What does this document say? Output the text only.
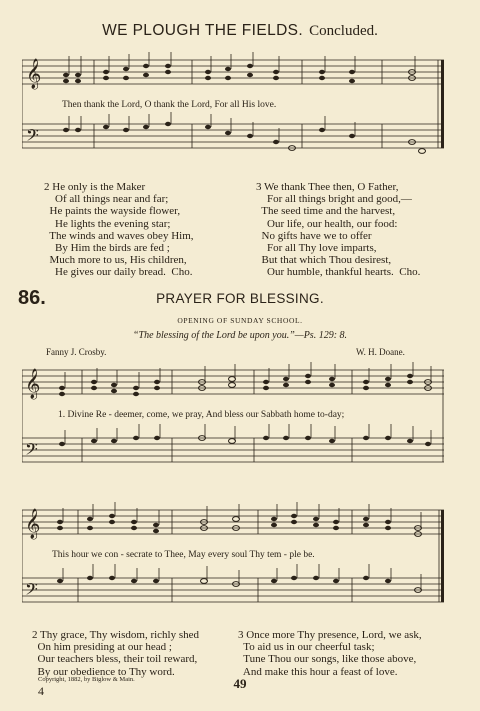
WE PLOUGH THE FIELDS. Concluded.
𝄞
𝄢
Then thank the Lord, O thank the Lord, For all His love.
2 He only is the Maker
Of all things near and far;
He paints the wayside flower,
He lights the evening star;
The winds and waves obey Him,
By Him the birds are fed ;
Much more to us, His children,
He gives our daily bread.  Cho.
3 We thank Thee then, O Father,
For all things bright and good,—
The seed time and the harvest,
Our life, our health, our food:
No gifts have we to offer
For all Thy love imparts,
But that which Thou desirest,
Our humble, thankful hearts.  Cho.
86.	PRAYER FOR BLESSING.
OPENING OF SUNDAY SCHOOL.
“The blessing of the Lord be upon you.”—Ps. 129: 8.
Fanny J. Crosby.	W. H. Doane.
𝄞
𝄢
1. Divine Re - deemer, come, we pray, And bless our Sabbath home to-day;
𝄞
𝄢
This hour we con - secrate to Thee, May every soul Thy tem - ple be.
2 Thy grace, Thy wisdom, richly shed
On him presiding at our head ;
Our teachers bless, their toil reward,
By our obedience to Thy word.
3 Once more Thy presence, Lord, we ask,
To aid us in our cheerful task;
Tune Thou our songs, like those above,
And make this hour a feast of love.
Copyright, 1882, by Biglow & Main.
4	49
